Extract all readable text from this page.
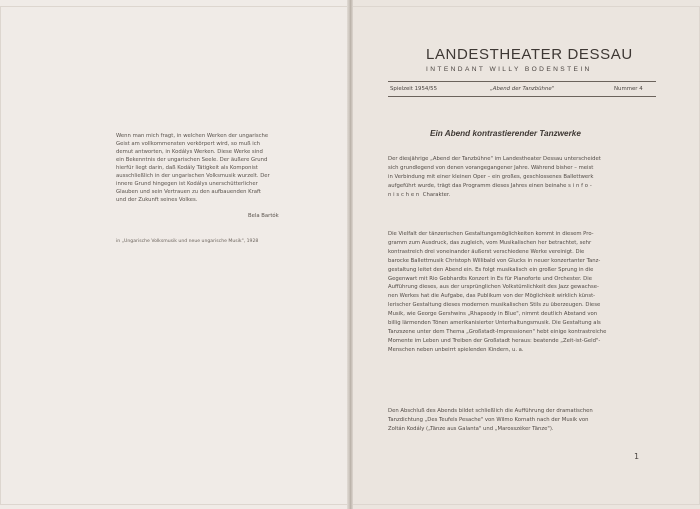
Wenn man mich fragt, in welchen Werken der ungarische

Geist am vollkommensten verkörpert wird, so muß ich

demut antworten, in Kodálys Werken. Diese Werke sind

ein Bekenntnis der ungarischen Seele. Der äußere Grund

hierfür liegt darin, daß Kodály Tätigkeit als Komponist

ausschließlich in der ungarischen Volksmusik wurzelt. Der

innere Grund hingegen ist Kodálys unerschütterlicher

Glauben und sein Vertrauen zu den aufbauenden Kraft

und der Zukunft seines Volkes.

Bela Bartók
in „Ungarische Volksmusik und neue ungarische Musik", 1928
LANDESTHEATER DESSAU
INTENDANT WILLY BODENSTEIN
Spielzeit 1954/55	„Abend der Tanzbühne"	Nummer 4
Ein Abend kontrastierender Tanzwerke

Der diesjährige „Abend der Tanzbühne" im Landestheater Dessau unterscheidet

sich grundlegend von denen vorangegangener Jahre. Während bisher – meist

in Verbindung mit einer kleinen Oper – ein großes, geschlossenes Ballettwerk

aufgeführt wurde, trägt das Programm dieses Jahres einen beinahe sinfo-

nischen Charakter.

Die Vielfalt der tänzerischen Gestaltungsmöglichkeiten kommt in diesem Pro-

gramm zum Ausdruck, das zugleich, vom Musikalischen her betrachtet, sehr

kontrastreich drei voneinander äußerst verschiedene Werke vereinigt. Die

barocke Ballettmusik Christoph Willibald von Glucks in neuer konzertanter Tanz-

gestaltung leitet den Abend ein. Es folgt musikalisch ein großer Sprung in die

Gegenwart mit Rio Gebhardts Konzert in Es für Pianoforte und Orchester. Die

Aufführung dieses, aus der ursprünglichen Volkstümlichkeit des Jazz gewachse-

nen Werkes hat die Aufgabe, das Publikum von der Möglichkeit wirklich künst-

lerischer Gestaltung dieses modernen musikalischen Stils zu überzeugen. Diese

Musik, wie George Gershwins „Rhapsody in Blue", nimmt deutlich Abstand von

billig lärmenden Tönen amerikanisierter Unterhaltungsmusik. Die Gestaltung als

Tanzszene unter dem Thema „Großstadt-Impressionen" hebt einige kontrastreiche

Momente im Leben und Treiben der Großstadt heraus: beatende „Zeit-ist-Geld"-

Menschen neben unbeirrt spielenden Kindern, u. a.

Den Abschluß des Abends bildet schließlich die Aufführung der dramatischen

Tanzdichtung „Des Teufels Pesache" von Wilmo Kornath nach der Musik von

Zoltán Kodály („Tänze aus Galanta" und „Marosszéker Tänze").

1
